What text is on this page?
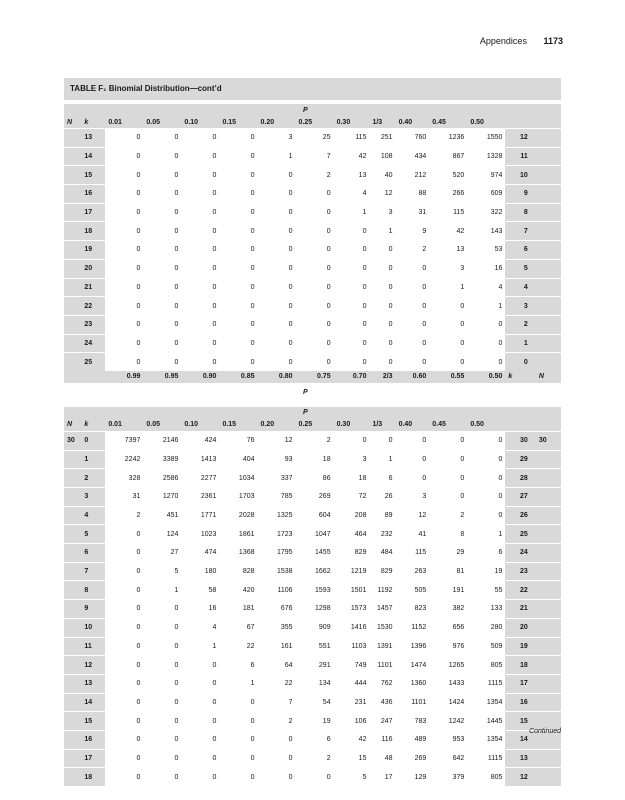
Appendices 1173
TABLE F₁ Binomial Distribution—cont’d
		P												
N	k	0.01	0.05	0.10	0.15	0.20	0.25	0.30	1/3	0.40	0.45	0.50		
	13	0	0	0	0	3	25	115	251	760	1236	1550	12	
	14	0	0	0	0	1	7	42	108	434	867	1328	11	
	15	0	0	0	0	0	2	13	40	212	520	974	10	
	16	0	0	0	0	0	0	4	12	88	266	609	9	
	17	0	0	0	0	0	0	1	3	31	115	322	8	
	18	0	0	0	0	0	0	0	1	9	42	143	7	
	19	0	0	0	0	0	0	0	0	2	13	53	6	
	20	0	0	0	0	0	0	0	0	0	3	16	5	
	21	0	0	0	0	0	0	0	0	0	1	4	4	
	22	0	0	0	0	0	0	0	0	0	0	1	3	
	23	0	0	0	0	0	0	0	0	0	0	0	2	
	24	0	0	0	0	0	0	0	0	0	0	0	1	
	25	0	0	0	0	0	0	0	0	0	0	0	0	
		0.99	0.95	0.90	0.85	0.80	0.75	0.70	2/3	0.60	0.55	0.50	k	N
		P												
		P												
N	k	0.01	0.05	0.10	0.15	0.20	0.25	0.30	1/3	0.40	0.45	0.50		
30	0	7397	2146	424	76	12	2	0	0	0	0	0	30	30
	1	2242	3389	1413	404	93	18	3	1	0	0	0	29	
	2	328	2586	2277	1034	337	86	18	6	0	0	0	28	
	3	31	1270	2361	1703	785	269	72	26	3	0	0	27	
	4	2	451	1771	2028	1325	604	208	89	12	2	0	26	
	5	0	124	1023	1861	1723	1047	464	232	41	8	1	25	
	6	0	27	474	1368	1795	1455	829	484	115	29	6	24	
	7	0	5	180	828	1538	1662	1219	829	263	81	19	23	
	8	0	1	58	420	1106	1593	1501	1192	505	191	55	22	
	9	0	0	16	181	676	1298	1573	1457	823	382	133	21	
	10	0	0	4	67	355	909	1416	1530	1152	656	280	20	
	11	0	0	1	22	161	551	1103	1391	1396	976	509	19	
	12	0	0	0	6	64	291	749	1101	1474	1265	805	18	
	13	0	0	0	1	22	134	444	762	1360	1433	1115	17	
	14	0	0	0	0	7	54	231	436	1101	1424	1354	16	
	15	0	0	0	0	2	19	106	247	783	1242	1445	15	
	16	0	0	0	0	0	6	42	116	489	953	1354	14	
	17	0	0	0	0	0	2	15	48	269	642	1115	13	
	18	0	0	0	0	0	0	5	17	129	379	805	12	
Continued
